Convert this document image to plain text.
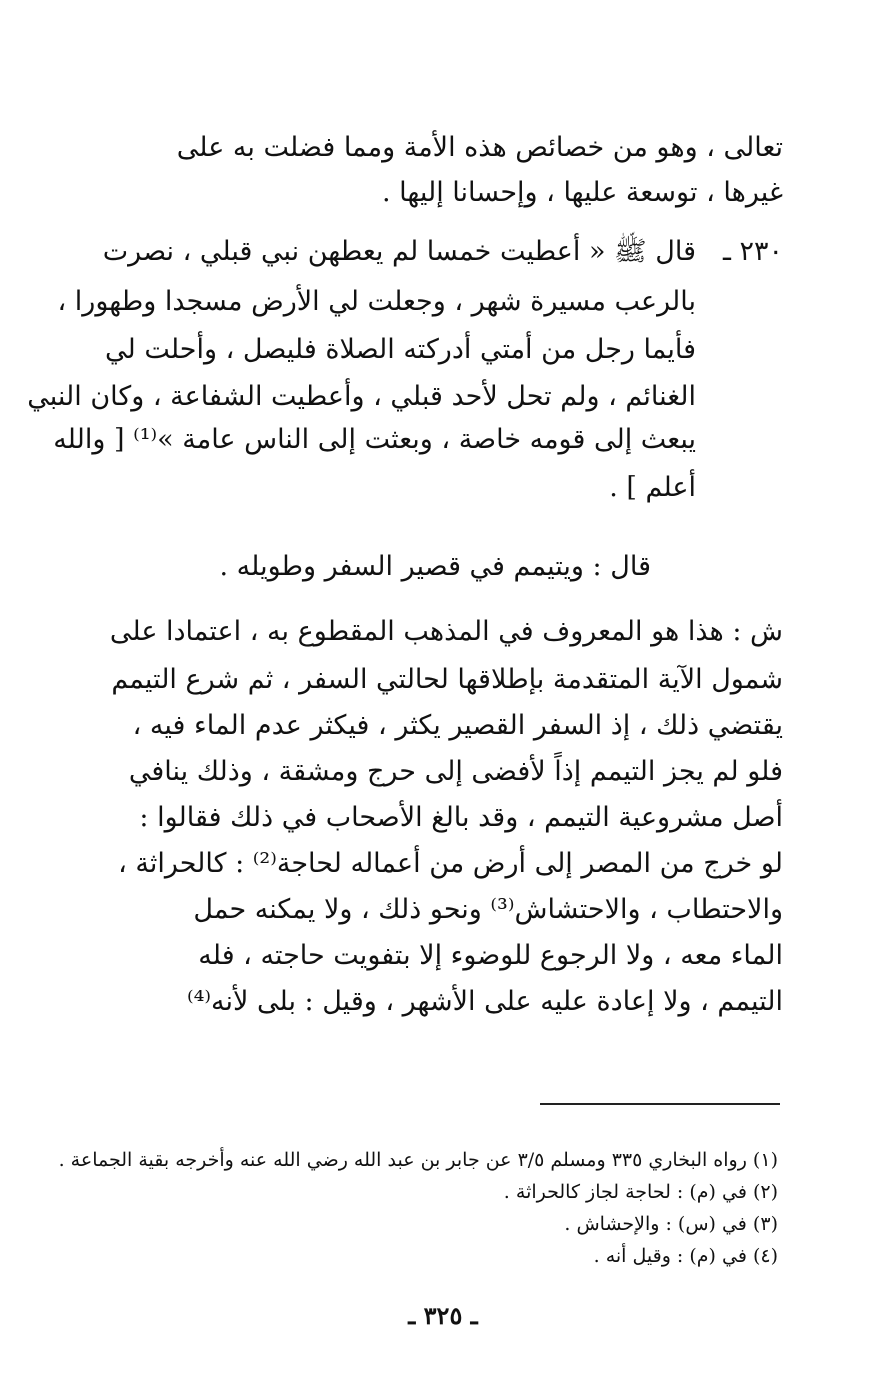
تعالى ، وهو من خصائص هذه الأمة ومما فضلت به على

غيرها ، توسعة عليها ، وإحسانا إليها .

٢٣٠ ـ

قال ﷺ « أعطيت خمسا لم يعطهن نبي قبلي ، نصرت

بالرعب مسيرة شهر ، وجعلت لي الأرض مسجدا وطهورا ،

فأيما رجل من أمتي أدركته الصلاة فليصل ، وأحلت لي

الغنائم ، ولم تحل لأحد قبلي ، وأعطيت الشفاعة ، وكان النبي

يبعث إلى قومه خاصة ، وبعثت إلى الناس عامة »⁽¹⁾ [ والله

أعلم ] .

قال : ويتيمم في قصير السفر وطويله .

ش : هذا هو المعروف في المذهب المقطوع به ، اعتمادا على

شمول الآية المتقدمة بإطلاقها لحالتي السفر ، ثم شرع التيمم

يقتضي ذلك ، إذ السفر القصير يكثر ، فيكثر عدم الماء فيه ،

فلو لم يجز التيمم إذاً لأفضى إلى حرج ومشقة ، وذلك ينافي

أصل مشروعية التيمم ، وقد بالغ الأصحاب في ذلك فقالوا :

لو خرج من المصر إلى أرض من أعماله لحاجة⁽²⁾ : كالحراثة ،

والاحتطاب ، والاحتشاش⁽³⁾ ونحو ذلك ، ولا يمكنه حمل

الماء معه ، ولا الرجوع للوضوء إلا بتفويت حاجته ، فله

التيمم ، ولا إعادة عليه على الأشهر ، وقيل : بلى لأنه⁽⁴⁾

(١) رواه البخاري ٣٣٥ ومسلم ٣/٥ عن جابر بن عبد الله رضي الله عنه وأخرجه بقية الجماعة .

(٢) في (م) : لحاجة لجاز كالحراثة .

(٣) في (س) : والإحشاش .

(٤) في (م) : وقيل أنه .

ـ ٣٢٥ ـ
